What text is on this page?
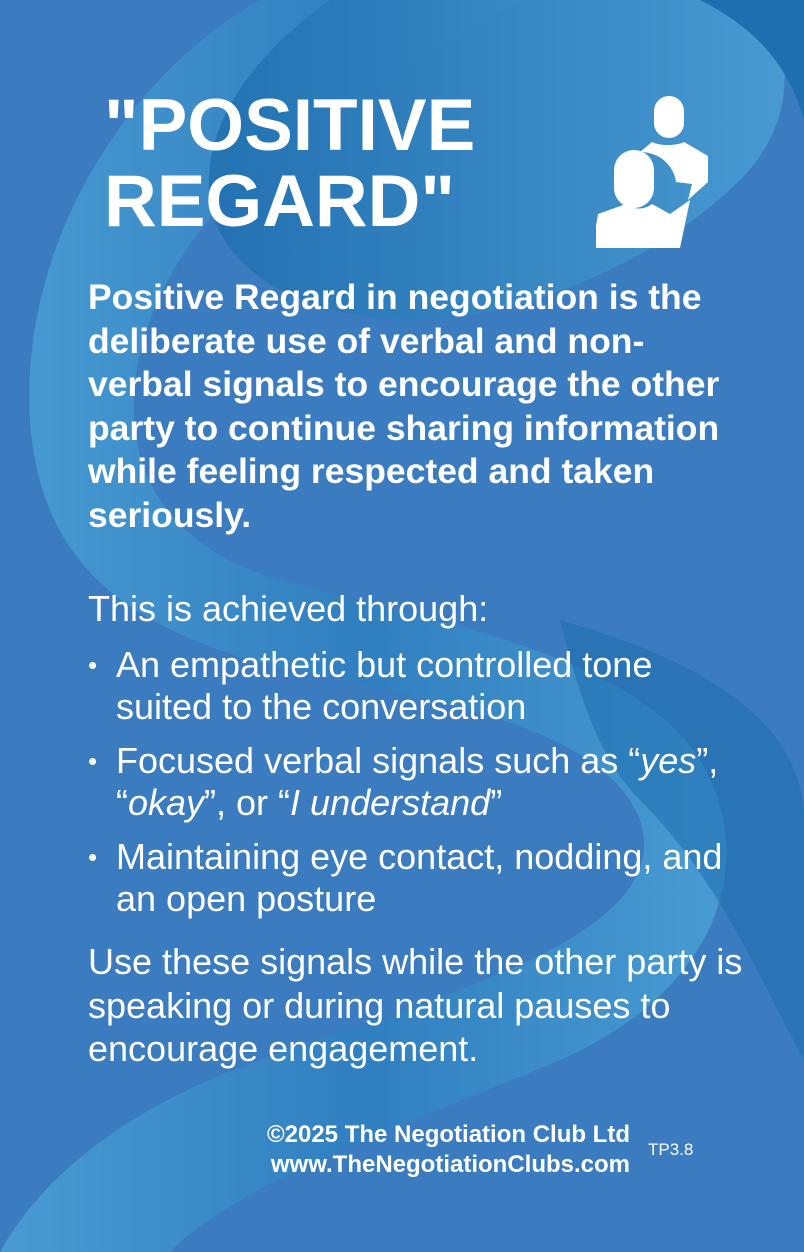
"POSITIVE
REGARD"
Positive Regard in negotiation is the deliberate use of verbal and non-verbal signals to encourage the other party to continue sharing information while feeling respected and taken seriously.
This is achieved through:
• An empathetic but controlled tone suited to the conversation
• Focused verbal signals such as “yes”, “okay”, or “I understand”
• Maintaining eye contact, nodding, and an open posture
Use these signals while the other party is speaking or during natural pauses to encourage engagement.
©2025 The Negotiation Club Ltd
www.TheNegotiationClubs.com
TP3.8
